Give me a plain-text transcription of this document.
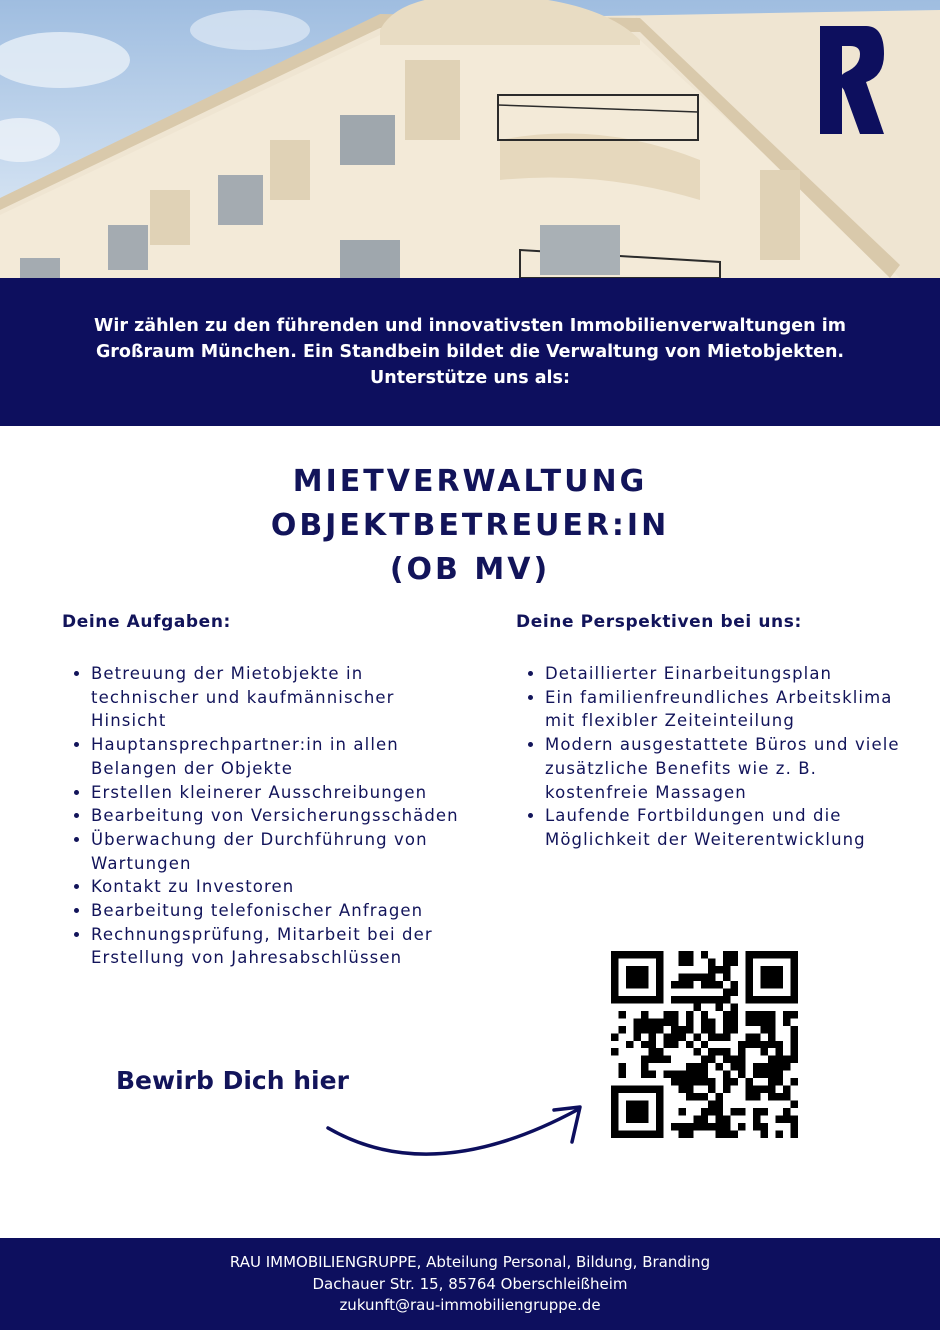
Wir zählen zu den führenden und innovativsten Immobilienverwaltungen im Großraum München. Ein Standbein bildet die Verwaltung von Mietobjekten. Unterstütze uns als:

MIETVERWALTUNG
OBJEKTBETREUER:IN
(OB MV)
Deine Aufgaben:
• Betreuung der Mietobjekte in technischer und kaufmännischer Hinsicht
• Hauptansprechpartner:in in allen Belangen der Objekte
• Erstellen kleinerer Ausschreibungen
• Bearbeitung von Versicherungsschäden
• Überwachung der Durchführung von Wartungen
• Kontakt zu Investoren
• Bearbeitung telefonischer Anfragen
• Rechnungsprüfung, Mitarbeit bei der Erstellung von Jahresabschlüssen
Deine Perspektiven bei uns:
• Detaillierter Einarbeitungsplan
• Ein familienfreundliches Arbeitsklima mit flexibler Zeiteinteilung
• Modern ausgestattete Büros und viele zusätzliche Benefits wie z. B. kostenfreie Massagen
• Laufende Fortbildungen und die Möglichkeit der Weiterentwicklung

Bewirb Dich hier

RAU IMMOBILIENGRUPPE, Abteilung Personal, Bildung, Branding
Dachauer Str. 15, 85764 Oberschleißheim
zukunft@rau-immobiliengruppe.de
